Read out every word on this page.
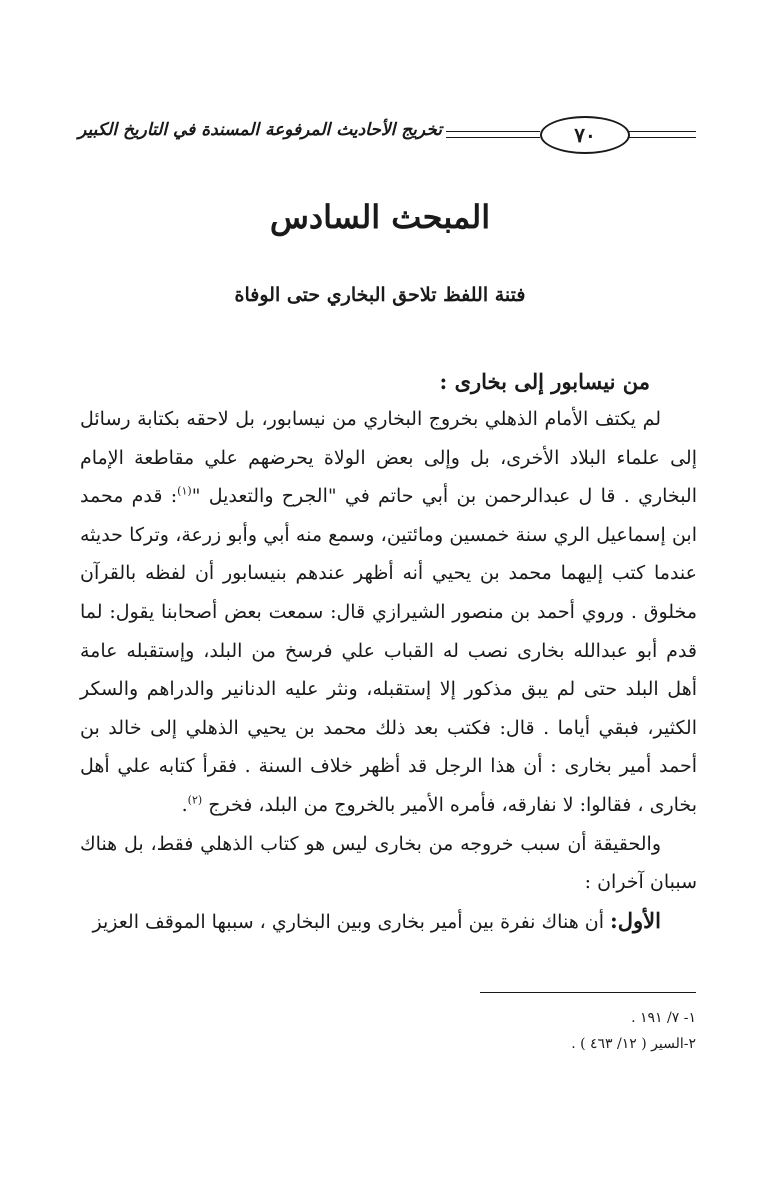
٧٠
تخريج الأحاديث المرفوعة المسندة في التاريخ الكبير
المبحث السادس
فتنة اللفظ تلاحق البخاري حتى الوفاة
من نيسابور إلى بخارى :

لم يكتف الأمام الذهلي بخروج البخاري من نيسابور، بل لاحقه بكتابة رسائل إلى علماء البلاد الأخرى، بل وإلى بعض الولاة يحرضهم علي مقاطعة الإمام البخاري . قا ل عبدالرحمن بن أبي حاتم في "الجرح والتعديل "$^{(١)}$: قدم محمد ابن إسماعيل الري سنة خمسين ومائتين، وسمع منه أبي وأبو زرعة، وتركا حديثه عندما كتب إليهما محمد بن يحيي أنه أظهر عندهم بنيسابور أن لفظه بالقرآن مخلوق . وروي أحمد بن منصور الشيرازي قال: سمعت بعض أصحابنا يقول: لما قدم أبو عبدالله بخارى نصب له القباب علي فرسخ من البلد، وإستقبله عامة أهل البلد حتى لم يبق مذكور إلا إستقبله، ونثر عليه الدنانير والدراهم والسكر الكثير، فبقي أياما . قال: فكتب بعد ذلك محمد بن يحيي الذهلي إلى خالد بن أحمد أمير بخارى : أن هذا الرجل قد أظهر خلاف السنة . فقرأ كتابه علي أهل بخارى ، فقالوا: لا نفارقه، فأمره الأمير بالخروج من البلد، فخرج $^{(٢)}$.

والحقيقة أن سبب خروجه من بخارى ليس هو كتاب الذهلي فقط، بل هناك سببان آخران :

الأول: أن هناك نفرة بين أمير بخارى وبين البخاري ، سببها الموقف العزيز

١- ٧/ ١٩١ .
٢-السير ( ١٢/ ٤٦٣ ) .
